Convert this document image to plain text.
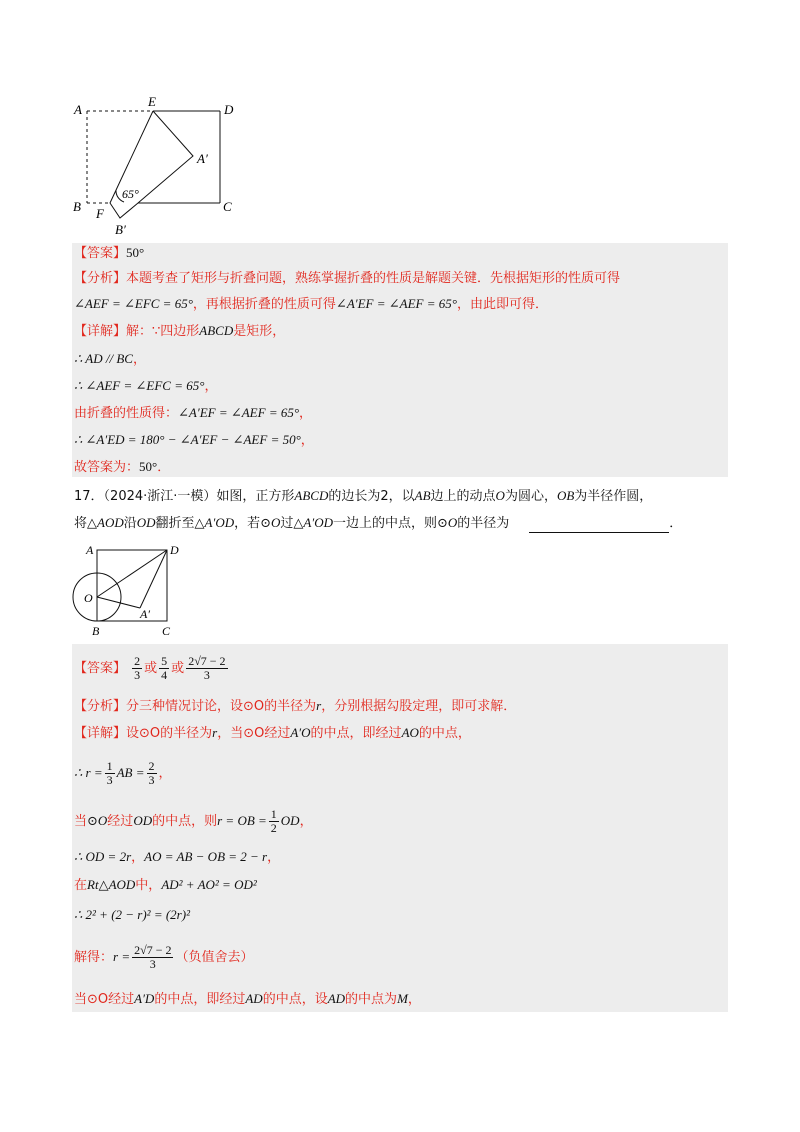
A
E
D
A′
B F	C
B′
65°
【答案】50°
【分析】本题考查了矩形与折叠问题，熟练掌握折叠的性质是解题关键．先根据矩形的性质可得
∠AEF = ∠EFC = 65°，再根据折叠的性质可得∠A′EF = ∠AEF = 65°，由此即可得．
【详解】解：∵四边形ABCD是矩形，
∴ AD // BC，
∴ ∠AEF = ∠EFC = 65°，
由折叠的性质得：∠A′EF = ∠AEF = 65°，
∴ ∠A′ED = 180° − ∠A′EF − ∠AEF = 50°，
故答案为：50°．
17．（2024·浙江·一模）如图，正方形ABCD的边长为2，以AB边上的动点O为圆心，OB为半径作圆，
将△AOD沿OD翻折至△A′OD，若⊙O过△A′OD一边上的中点，则⊙O的半径为	．
A	D
O
A′
B	C
【答案】 $\frac{2}{3}$ 或 $\frac{5}{4}$ 或 $\frac{2√7 - 2}{3}$
【分析】分三种情况讨论，设⊙O的半径为r，分别根据勾股定理，即可求解．
【详解】设⊙O的半径为r，当⊙O经过A′O的中点，即经过AO的中点，
∴ $r = \frac{1}{3}$ AB = $\frac{2}{3}$ ，
当⊙O经过OD的中点，则r = OB = $\frac{1}{2}$ OD，
∴ OD = 2r，AO = AB − OB = 2 − r，
在Rt△AOD中，AD² + AO² = OD²
∴ 2² + (2 − r)² = (2r)²
解得：$r = \frac{2√7 - 2}{3}$ （负值舍去）
当⊙O经过A′D的中点，即经过AD的中点，设AD的中点为M，
